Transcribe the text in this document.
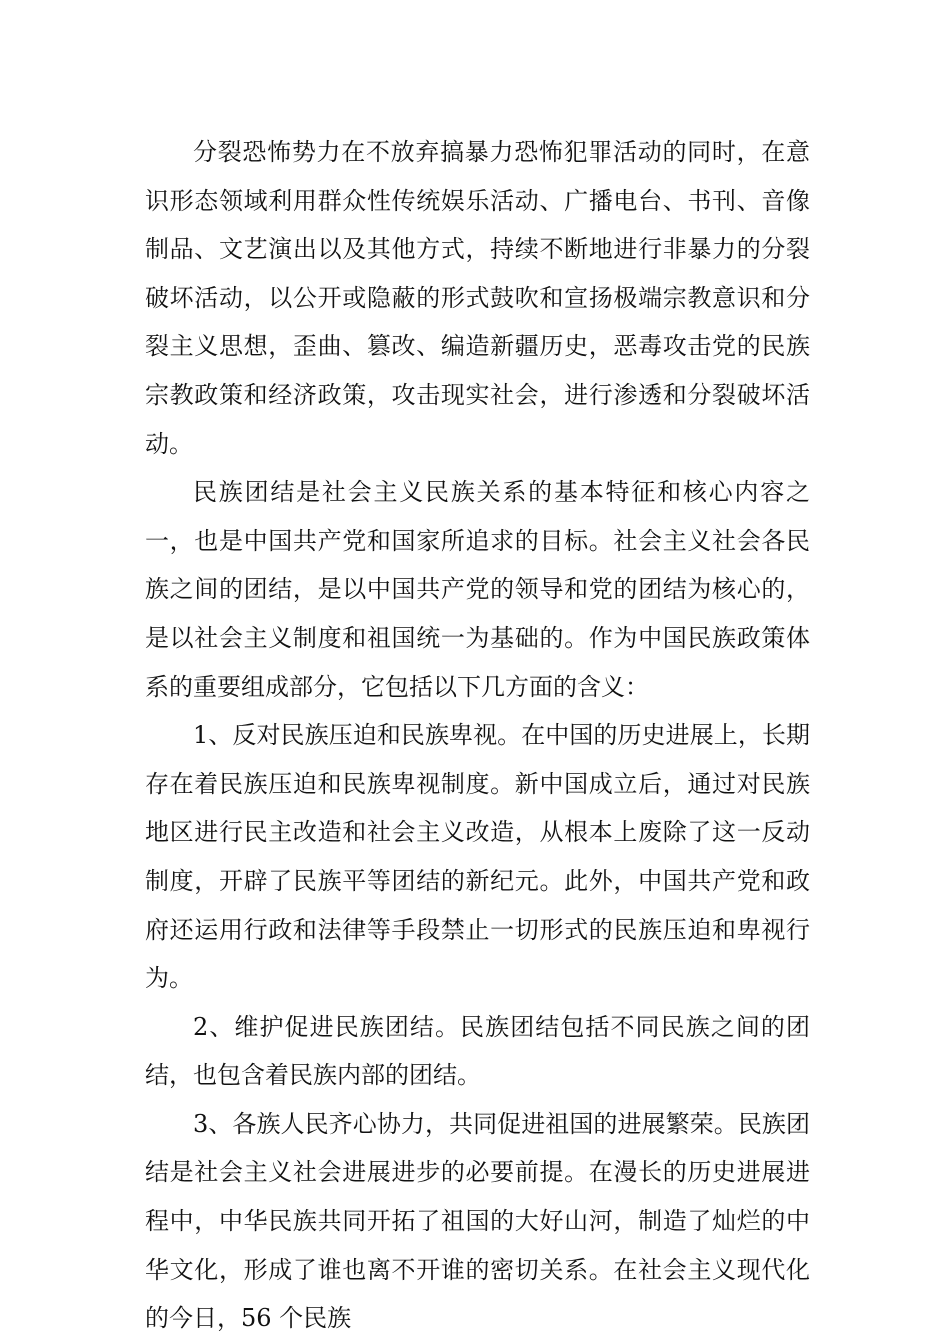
分裂恐怖势力在不放弃搞暴力恐怖犯罪活动的同时，在意识形态领域利用群众性传统娱乐活动、广播电台、书刊、音像制品、文艺演出以及其他方式，持续不断地进行非暴力的分裂破坏活动，以公开或隐蔽的形式鼓吹和宣扬极端宗教意识和分裂主义思想，歪曲、篡改、编造新疆历史，恶毒攻击党的民族宗教政策和经济政策，攻击现实社会，进行渗透和分裂破坏活动。

民族团结是社会主义民族关系的基本特征和核心内容之一，也是中国共产党和国家所追求的目标。社会主义社会各民族之间的团结，是以中国共产党的领导和党的团结为核心的，是以社会主义制度和祖国统一为基础的。作为中国民族政策体系的重要组成部分，它包括以下几方面的含义：

1、反对民族压迫和民族卑视。在中国的历史进展上，长期存在着民族压迫和民族卑视制度。新中国成立后，通过对民族地区进行民主改造和社会主义改造，从根本上废除了这一反动制度，开辟了民族平等团结的新纪元。此外，中国共产党和政府还运用行政和法律等手段禁止一切形式的民族压迫和卑视行为。

2、维护促进民族团结。民族团结包括不同民族之间的团结，也包含着民族内部的团结。

3、各族人民齐心协力，共同促进祖国的进展繁荣。民族团结是社会主义社会进展进步的必要前提。在漫长的历史进展进程中，中华民族共同开拓了祖国的大好山河，制造了灿烂的中华文化，形成了谁也离不开谁的密切关系。在社会主义现代化的今日，56 个民族
